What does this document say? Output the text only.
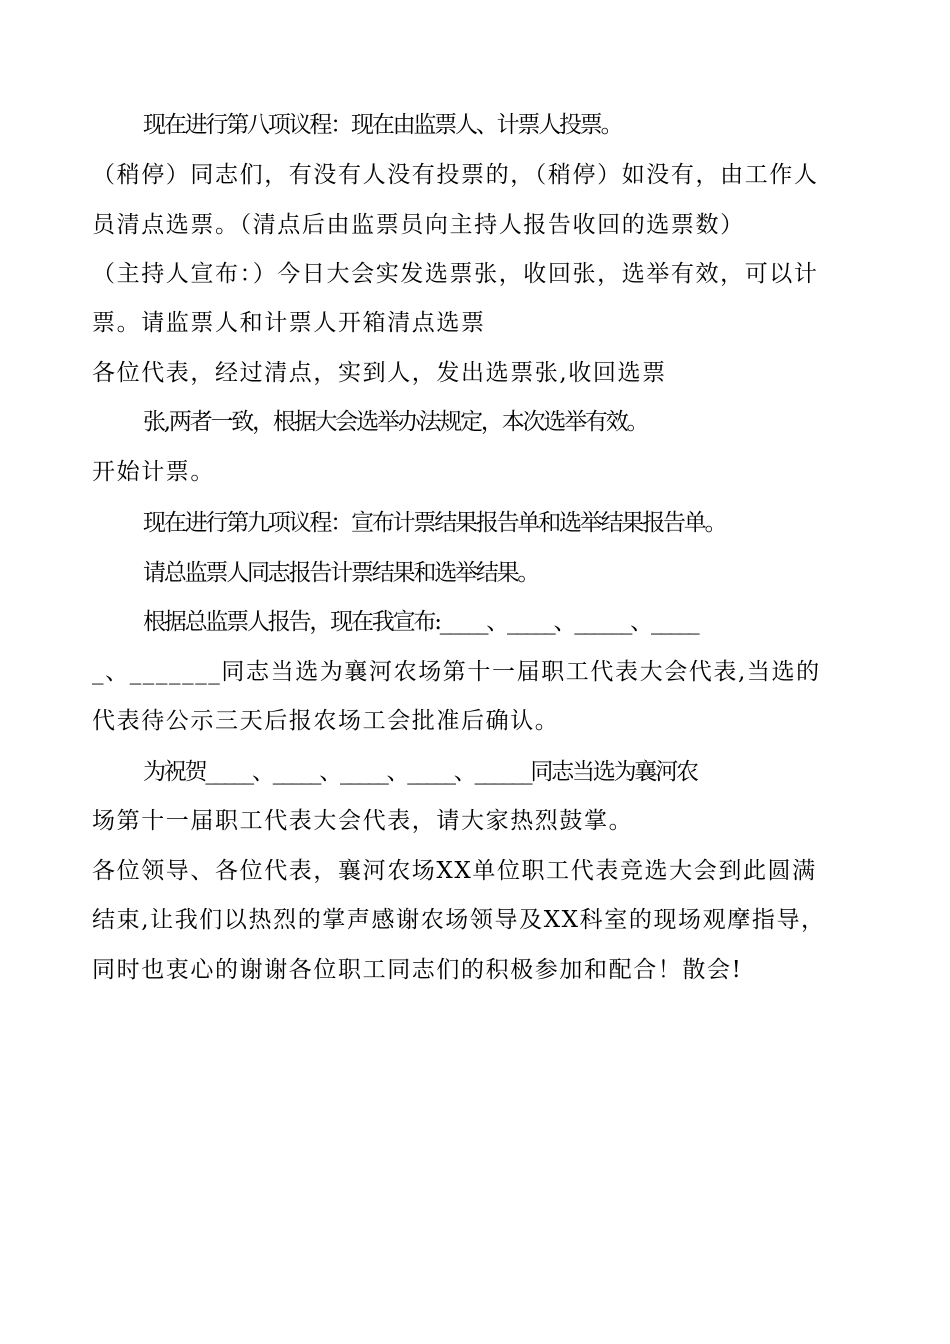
现在进行第八项议程：现在由监票人、计票人投票。
（稍停）同志们，有没有人没有投票的，（稍停）如没有，由工作人
员清点选票。（清点后由监票员向主持人报告收回的选票数）
（主持人宣布：）今日大会实发选票张，收回张，选举有效，可以计
票。请监票人和计票人开箱清点选票
各位代表，经过清点，实到人，发出选票张,收回选票
张,两者一致，根据大会选举办法规定，本次选举有效。
开始计票。
现在进行第九项议程：宣布计票结果报告单和选举结果报告单。
请总监票人同志报告计票结果和选举结果。
根据总监票人报告，现在我宣布:_____、_____、______、_____
_、_______同志当选为襄河农场第十一届职工代表大会代表,当选的
代表待公示三天后报农场工会批准后确认。
为祝贺_____、_____、_____、_____、______同志当选为襄河农
场第十一届职工代表大会代表，请大家热烈鼓掌。
各位领导、各位代表，襄河农场XX单位职工代表竞选大会到此圆满
结束,让我们以热烈的掌声感谢农场领导及XX科室的现场观摩指导，
同时也衷心的谢谢各位职工同志们的积极参加和配合！散会!
